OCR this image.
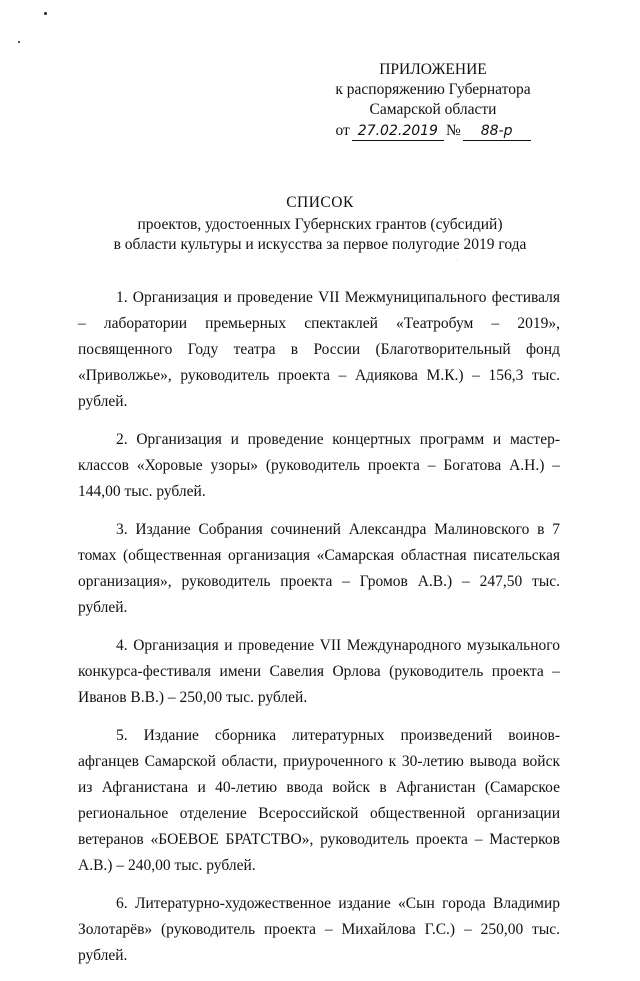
ПРИЛОЖЕНИЕ
к распоряжению Губернатора
Самарской области
от 27.02.2019 №	88-р
СПИСОК
проектов, удостоенных Губернских грантов (субсидий)
в области культуры и искусства за первое полугодие 2019 года
·

1. Организация и проведение VII Межмуниципального фестиваля – лаборатории премьерных спектаклей «Театробум – 2019», посвященного Году театра в России (Благотворительный фонд «Приволжье», руководитель проекта – Адиякова М.К.) – 156,3 тыс. рублей.

2. Организация и проведение концертных программ и мастер-классов «Хоровые узоры» (руководитель проекта – Богатова А.Н.) – 144,00 тыс. рублей.

3. Издание Собрания сочинений Александра Малиновского в 7 томах (общественная организация «Самарская областная писательская организация», руководитель проекта – Громов А.В.) – 247,50 тыс. рублей.

4. Организация и проведение VII Международного музыкального конкурса-фестиваля имени Савелия Орлова (руководитель проекта – Иванов В.В.) – 250,00 тыс. рублей.

5. Издание сборника литературных произведений воинов-афганцев Самарской области, приуроченного к 30-летию вывода войск из Афганистана и 40-летию ввода войск в Афганистан (Самарское региональное отделение Всероссийской общественной организации ветеранов «БОЕВОЕ БРАТСТВО», руководитель проекта – Мастерков А.В.) – 240,00 тыс. рублей.

6. Литературно-художественное издание «Сын города Владимир Золотарёв» (руководитель проекта – Михайлова Г.С.) – 250,00 тыс. рублей.
